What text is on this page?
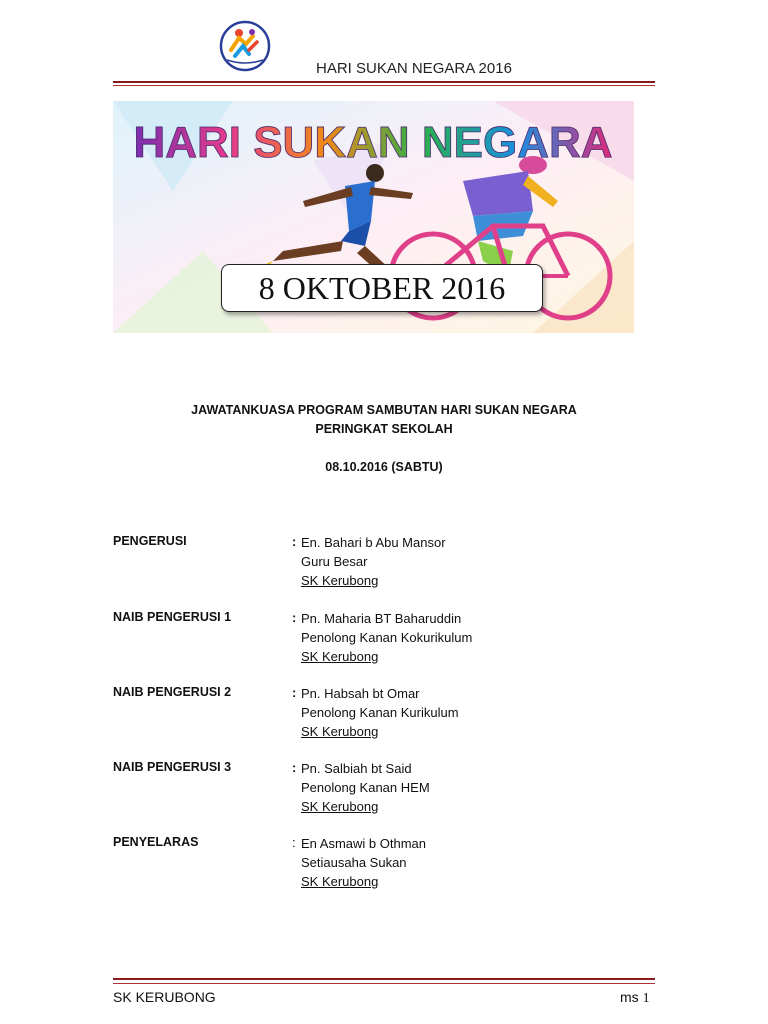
HARI SUKAN NEGARA 2016
HARI SUKAN NEGARA
8 OKTOBER 2016
JAWATANKUASA PROGRAM SAMBUTAN HARI SUKAN NEGARA
PERINGKAT SEKOLAH
08.10.2016 (SABTU)
PENGERUSI	: En. Bahari b Abu Mansor
Guru Besar
SK Kerubong
NAIB PENGERUSI 1	: Pn. Maharia BT Baharuddin
Penolong Kanan Kokurikulum
SK Kerubong
NAIB PENGERUSI 2	: Pn. Habsah bt Omar
Penolong Kanan Kurikulum
SK Kerubong
NAIB PENGERUSI 3	: Pn. Salbiah bt Said
Penolong Kanan HEM
SK Kerubong
PENYELARAS	: En Asmawi b Othman
Setiausaha Sukan
SK Kerubong
SK KERUBONG	ms 1
